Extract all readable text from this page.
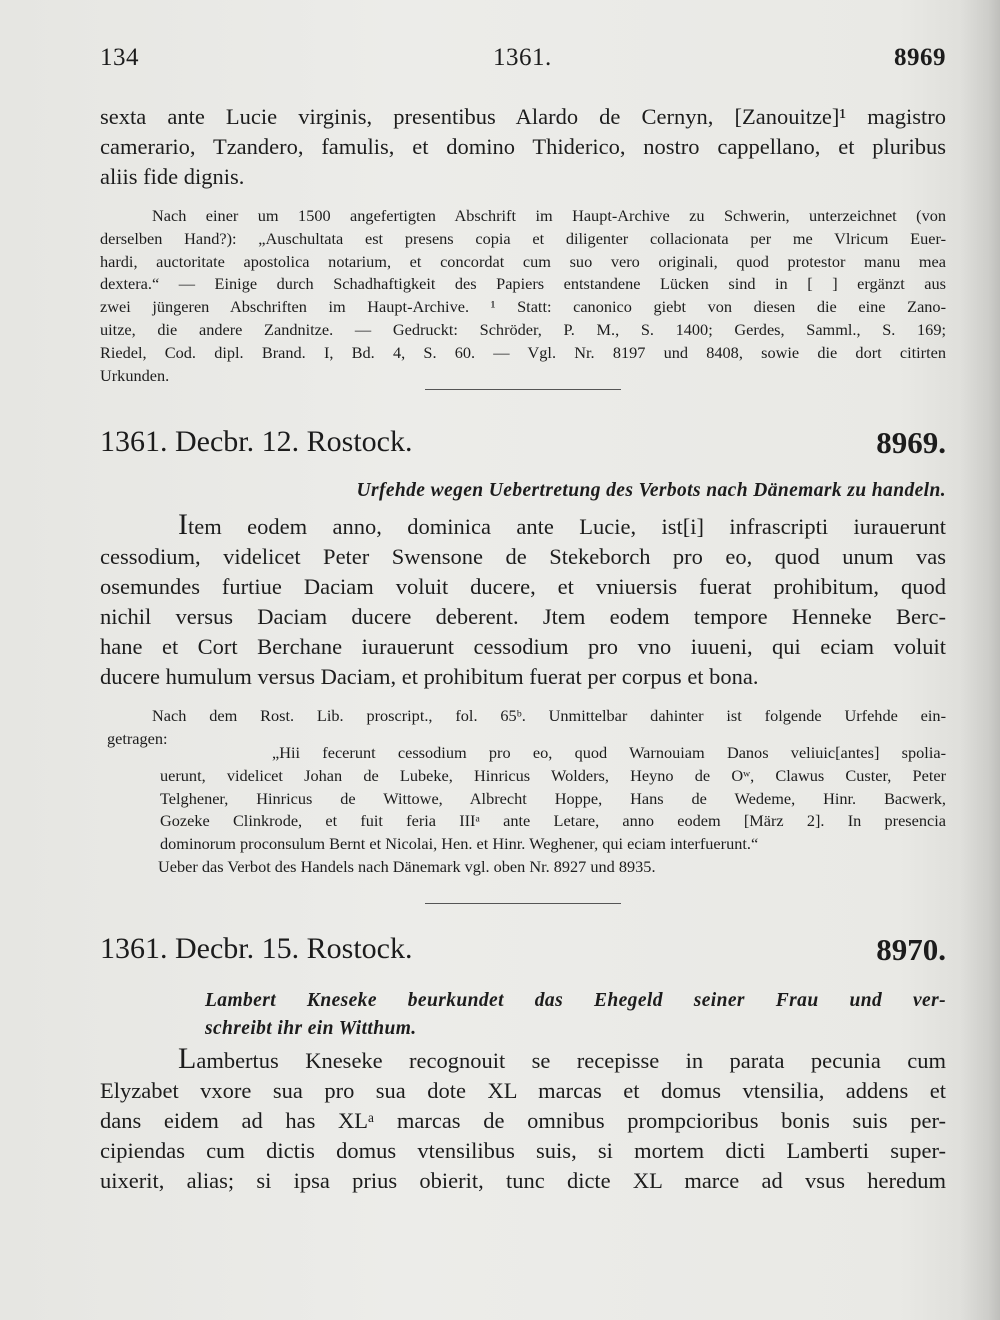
134	1361.	8969
sexta ante Lucie virginis, presentibus Alardo de Cernyn, [Zanouitze]¹ magistro
camerario, Tzandero, famulis, et domino Thiderico, nostro cappellano, et pluribus
aliis fide dignis.
Nach einer um 1500 angefertigten Abschrift im Haupt-Archive zu Schwerin, unterzeichnet (von
derselben Hand?): „Auschultata est presens copia et diligenter collacionata per me Vlricum Euer-
hardi, auctoritate apostolica notarium, et concordat cum suo vero originali, quod protestor manu mea
dextera.“ — Einige durch Schadhaftigkeit des Papiers entstandene Lücken sind in [ ] ergänzt aus
zwei jüngeren Abschriften im Haupt-Archive. ¹ Statt: canonico giebt von diesen die eine Zano-
uitze, die andere Zandnitze. — Gedruckt: Schröder, P. M., S. 1400; Gerdes, Samml., S. 169;
Riedel, Cod. dipl. Brand. I, Bd. 4, S. 60. — Vgl. Nr. 8197 und 8408, sowie die dort citirten
Urkunden.
1361. Decbr. 12. Rostock.	8969.
Urfehde wegen Uebertretung des Verbots nach Dänemark zu handeln.
Item eodem anno, dominica ante Lucie, ist[i] infrascripti iurauerunt
cessodium, videlicet Peter Swensone de Stekeborch pro eo, quod unum vas
osemundes furtiue Daciam voluit ducere, et vniuersis fuerat prohibitum, quod
nichil versus Daciam ducere deberent. Jtem eodem tempore Henneke Berc-
hane et Cort Berchane iurauerunt cessodium pro vno iuueni, qui eciam voluit
ducere humulum versus Daciam, et prohibitum fuerat per corpus et bona.
Nach dem Rost. Lib. proscript., fol. 65ᵇ. Unmittelbar dahinter ist folgende Urfehde ein-
getragen:
„Hii fecerunt cessodium pro eo, quod Warnouiam Danos veliuic[antes] spolia-
uerunt, videlicet Johan de Lubeke, Hinricus Wolders, Heyno de Oʷ, Clawus Custer, Peter
Telghener, Hinricus de Wittowe, Albrecht Hoppe, Hans de Wedeme, Hinr. Bacwerk,
Gozeke Clinkrode, et fuit feria IIIᵃ ante Letare, anno eodem [März 2]. In presencia
dominorum proconsulum Bernt et Nicolai, Hen. et Hinr. Weghener, qui eciam interfuerunt.“
Ueber das Verbot des Handels nach Dänemark vgl. oben Nr. 8927 und 8935.
1361. Decbr. 15. Rostock.	8970.
Lambert Kneseke beurkundet das Ehegeld seiner Frau und ver-
schreibt ihr ein Witthum.
Lambertus Kneseke recognouit se recepisse in parata pecunia cum
Elyzabet vxore sua pro sua dote XL marcas et domus vtensilia, addens et
dans eidem ad has XLᵃ marcas de omnibus prompcioribus bonis suis per-
cipiendas cum dictis domus vtensilibus suis, si mortem dicti Lamberti super-
uixerit, alias; si ipsa prius obierit, tunc dicte XL marce ad vsus heredum
